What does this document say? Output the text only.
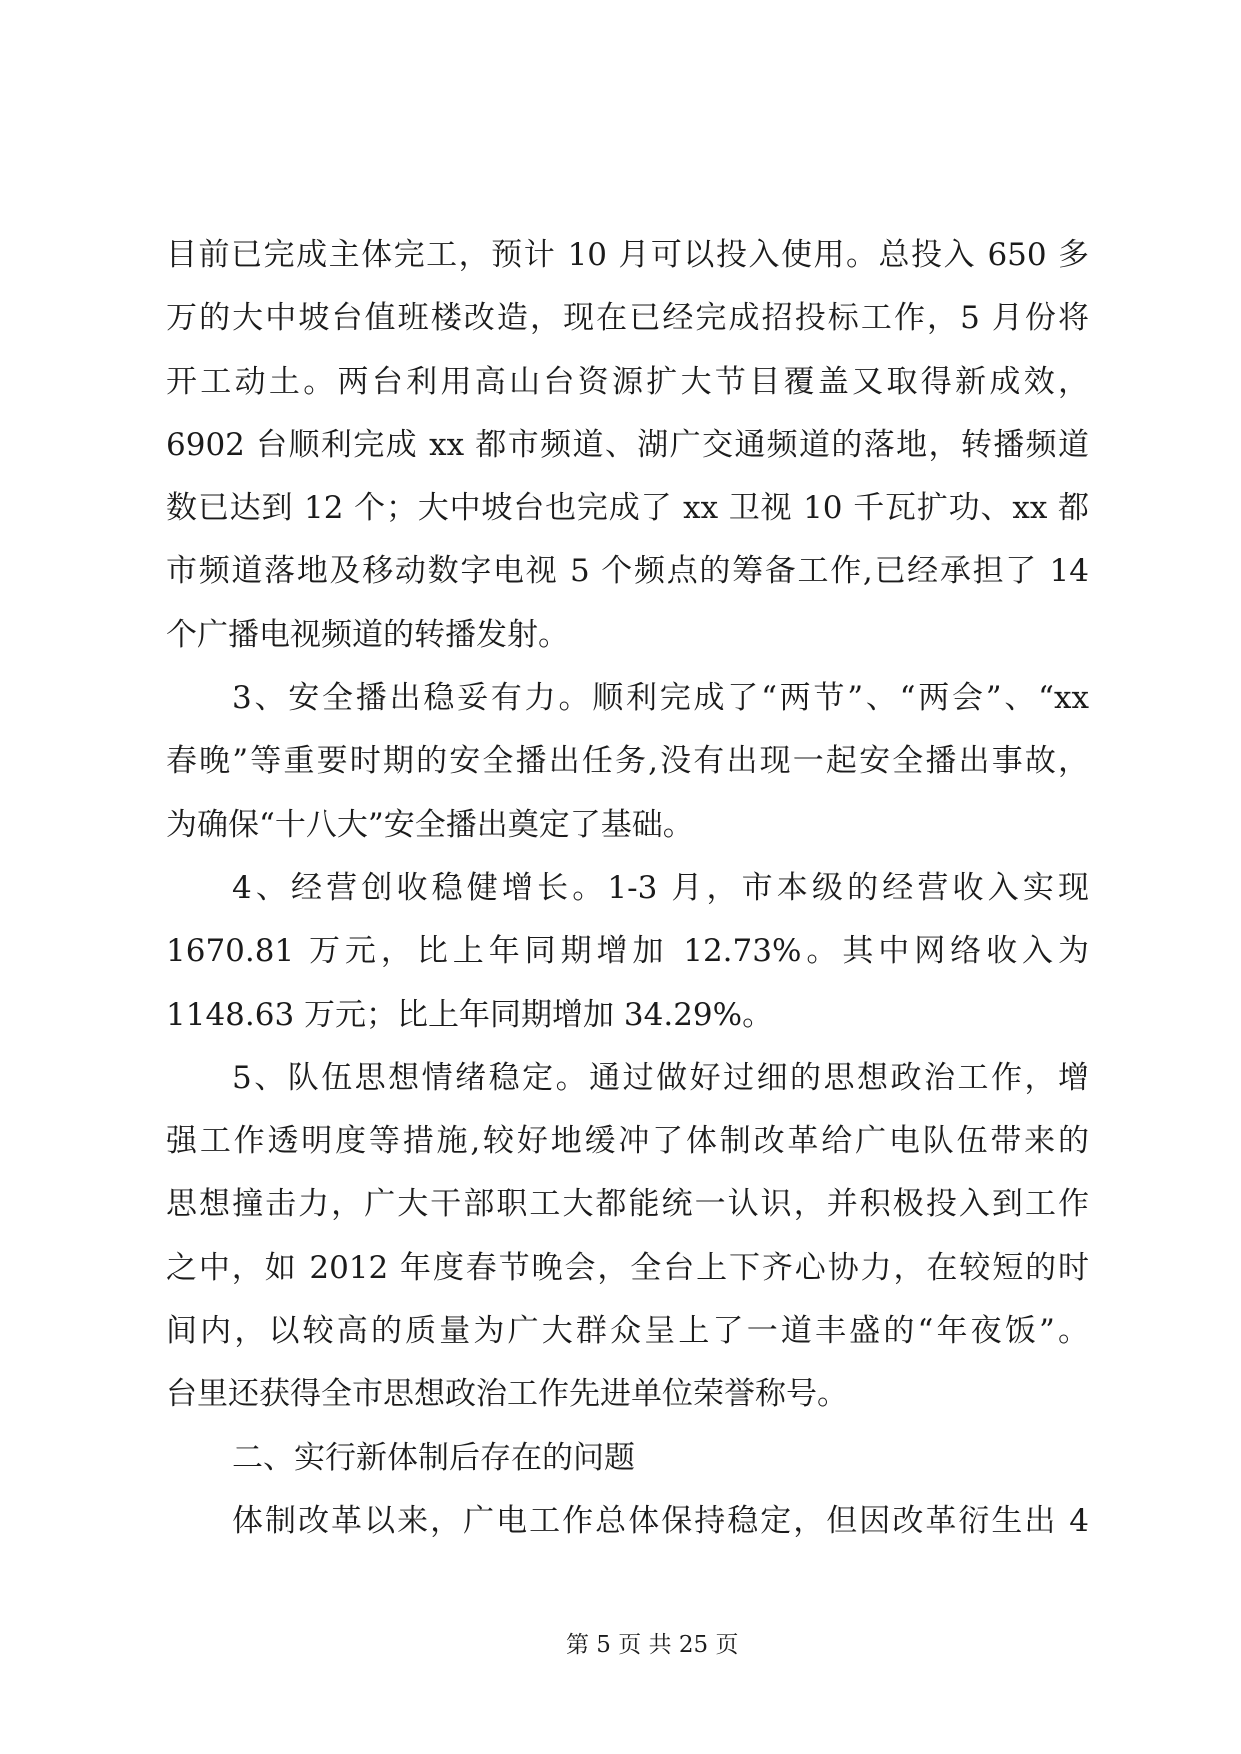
目前已完成主体完工，预计 10 月可以投入使用。总投入 650 多
万的大中坡台值班楼改造，现在已经完成招投标工作，5 月份将
开工动土。两台利用高山台资源扩大节目覆盖又取得新成效，
6902 台顺利完成 xx 都市频道、湖广交通频道的落地，转播频道
数已达到 12 个；大中坡台也完成了 xx 卫视 10 千瓦扩功、xx 都
市频道落地及移动数字电视 5 个频点的筹备工作,已经承担了 14
个广播电视频道的转播发射。
3、安全播出稳妥有力。顺利完成了“两节”、“两会”、“xx
春晚”等重要时期的安全播出任务,没有出现一起安全播出事故，
为确保“十八大”安全播出奠定了基础。
4、经营创收稳健增长。1-3 月，市本级的经营收入实现
1670.81 万元，比上年同期增加 12.73%。其中网络收入为
1148.63 万元；比上年同期增加 34.29%。
5、队伍思想情绪稳定。通过做好过细的思想政治工作，增
强工作透明度等措施,较好地缓冲了体制改革给广电队伍带来的
思想撞击力，广大干部职工大都能统一认识，并积极投入到工作
之中，如 2012 年度春节晚会，全台上下齐心协力，在较短的时
间内，以较高的质量为广大群众呈上了一道丰盛的“年夜饭”。
台里还获得全市思想政治工作先进单位荣誉称号。
二、实行新体制后存在的问题
体制改革以来，广电工作总体保持稳定，但因改革衍生出 4
第 5 页 共 25 页
